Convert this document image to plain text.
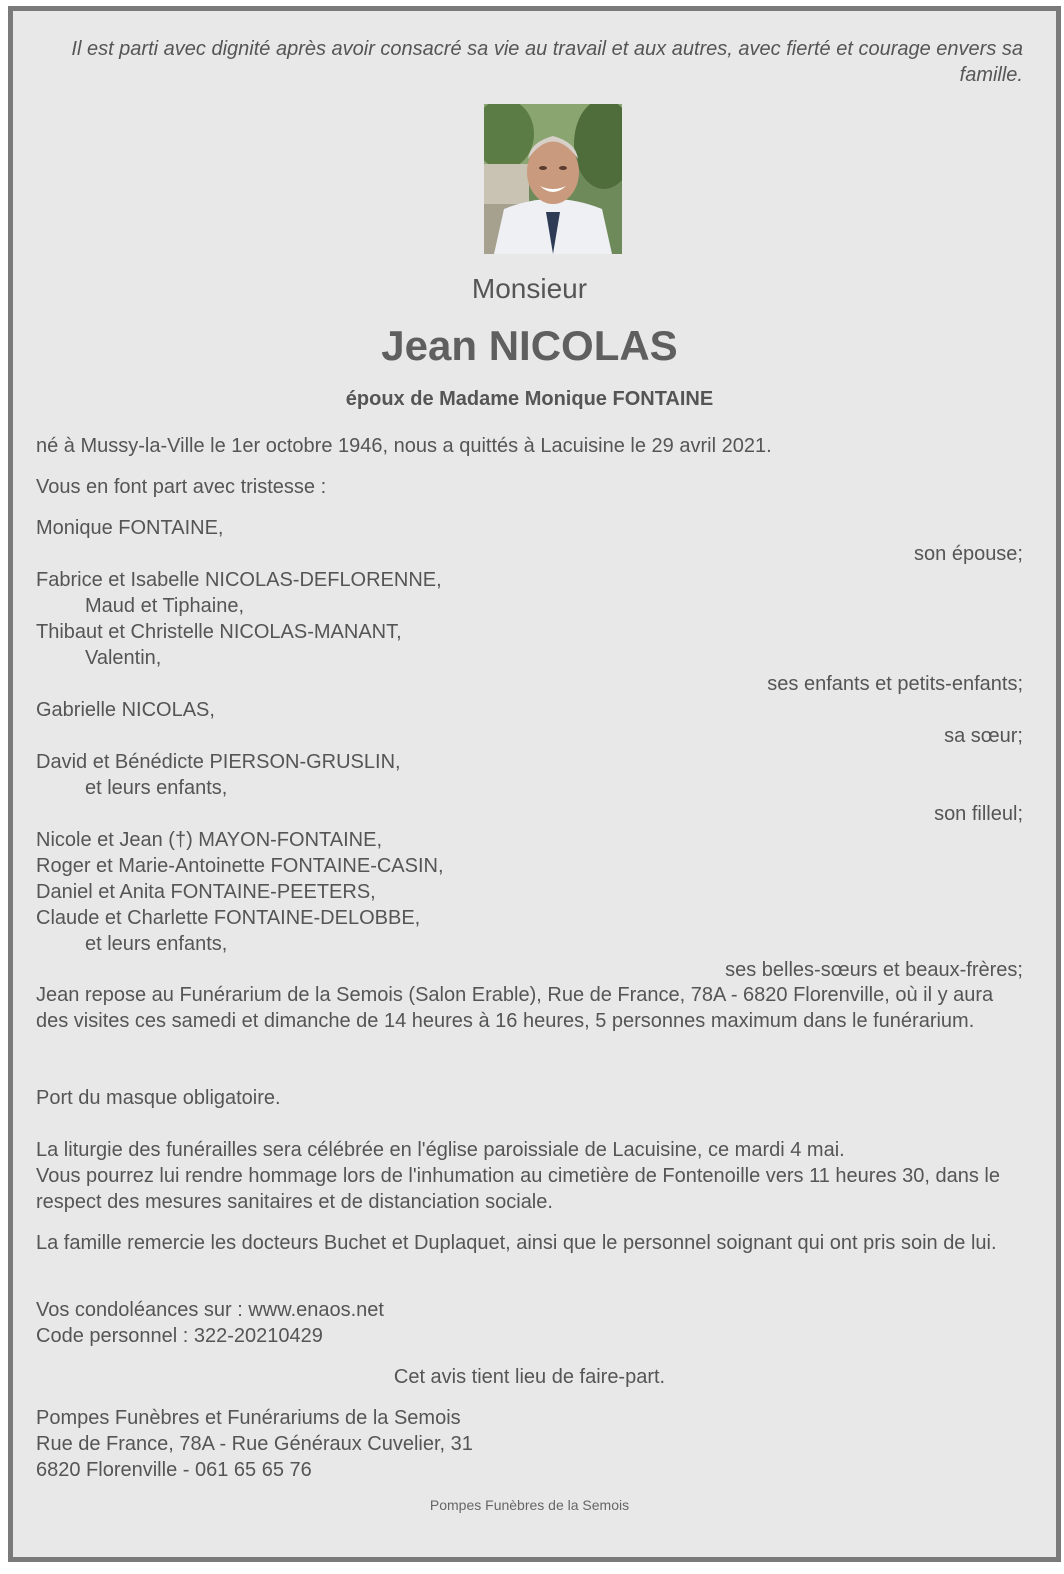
Il est parti avec dignité après avoir consacré sa vie au travail et aux autres, avec fierté et courage envers sa famille.
Monsieur
Jean NICOLAS
époux de Madame Monique FONTAINE
né à Mussy-la-Ville le 1er octobre 1946, nous a quittés à Lacuisine le 29 avril 2021.
Vous en font part avec tristesse :
Monique FONTAINE,
son épouse;
Fabrice et Isabelle NICOLAS-DEFLORENNE,
Maud et Tiphaine,
Thibaut et Christelle NICOLAS-MANANT,
Valentin,
ses enfants et petits-enfants;
Gabrielle NICOLAS,
sa sœur;
David et Bénédicte PIERSON-GRUSLIN,
et leurs enfants,
son filleul;
Nicole et Jean (†) MAYON-FONTAINE,
Roger et Marie-Antoinette FONTAINE-CASIN,
Daniel et Anita FONTAINE-PEETERS,
Claude et Charlette FONTAINE-DELOBBE,
et leurs enfants,
ses belles-sœurs et beaux-frères;
Jean repose au Funérarium de la Semois (Salon Erable), Rue de France, 78A - 6820 Florenville, où il y aura des visites ces samedi et dimanche de 14 heures à 16 heures, 5 personnes maximum dans le funérarium.
Port du masque obligatoire.
La liturgie des funérailles sera célébrée en l'église paroissiale de Lacuisine, ce mardi 4 mai.
Vous pourrez lui rendre hommage lors de l'inhumation au cimetière de Fontenoille vers 11 heures 30, dans le respect des mesures sanitaires et de distanciation sociale.
La famille remercie les docteurs Buchet et Duplaquet, ainsi que le personnel soignant qui ont pris soin de lui.
Vos condoléances sur : www.enaos.net
Code personnel : 322-20210429
Cet avis tient lieu de faire-part.
Pompes Funèbres et Funérariums de la Semois
Rue de France, 78A - Rue Généraux Cuvelier, 31
6820 Florenville - 061 65 65 76
Pompes Funèbres de la Semois
